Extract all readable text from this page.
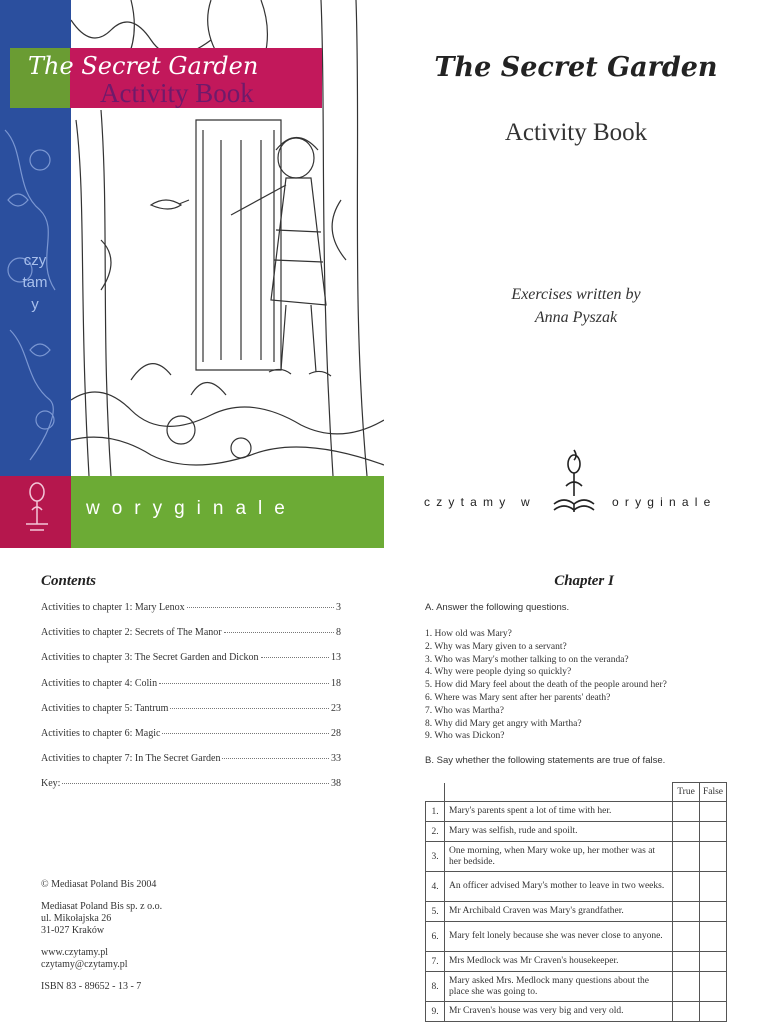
czytamy
The Secret Garden
Activity Book
woryginale
The Secret Garden
Activity Book
Exercises written by
Anna Pyszak
czytamy w	oryginale
Contents
Activities to chapter 1: Mary Lenox	3
Activities to chapter 2: Secrets of The Manor	8
Activities to chapter 3: The Secret Garden and Dickon	13
Activities to chapter 4: Colin	18
Activities to chapter 5: Tantrum	23
Activities to chapter 6: Magic	28
Activities to chapter 7: In The Secret Garden	33
Key:	38
© Mediasat Poland Bis 2004
Mediasat Poland Bis sp. z o.o.
ul. Mikołajska 26
31-027 Kraków
www.czytamy.pl
czytamy@czytamy.pl
ISBN 83 - 89652 - 13 - 7
Chapter I
A. Answer the following questions.
1. How old was Mary?
2. Why was Mary given to a servant?
3. Who was Mary's mother talking to on the veranda?
4. Why were people dying so quickly?
5. How did Mary feel about the death of the people around her?
6. Where was Mary sent after her parents' death?
7. Who was Martha?
8. Why did Mary get angry with Martha?
9. Who was Dickon?
B. Say whether the following statements are true of false.
		True	False
1.	Mary's parents spent a lot of time with her.		
2.	Mary was selfish, rude and spoilt.		
3.	One morning, when Mary woke up, her mother was at her bedside.		
4.	An officer advised Mary's mother to leave in two weeks.		
5.	Mr Archibald Craven was Mary's grandfather.		
6.	Mary felt lonely because she was never close to anyone.		
7.	Mrs Medlock was Mr Craven's housekeeper.		
8.	Mary asked Mrs. Medlock many questions about the place she was going to.		
9.	Mr Craven's house was very big and very old.		
